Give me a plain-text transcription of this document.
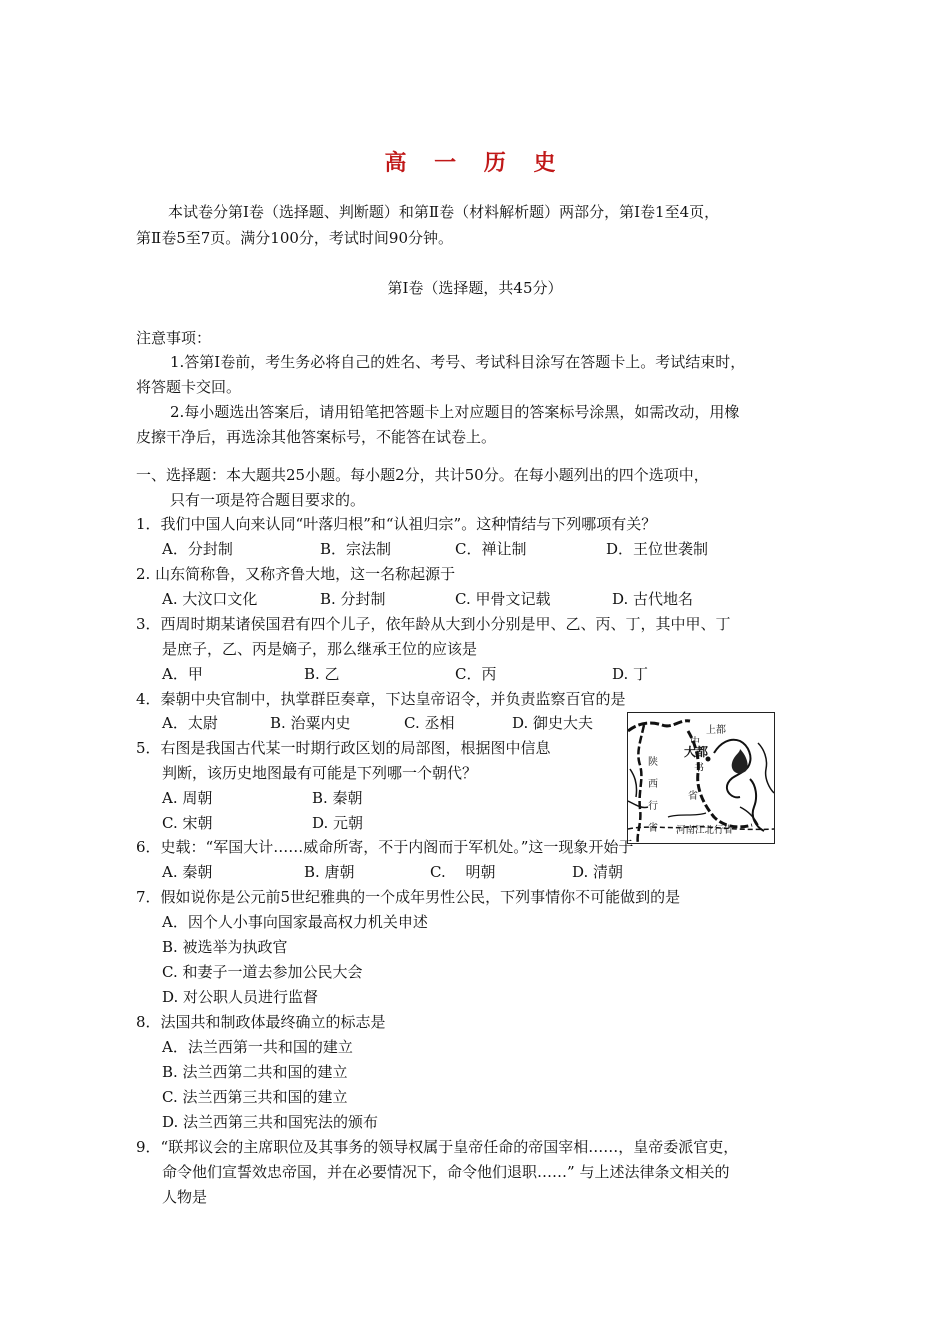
高 一 历 史
本试卷分第Ⅰ卷（选择题、判断题）和第Ⅱ卷（材料解析题）两部分，第Ⅰ卷1至4页，
第Ⅱ卷5至7页。满分100分，考试时间90分钟。
第Ⅰ卷（选择题，共45分）
注意事项：
1.答第Ⅰ卷前，考生务必将自己的姓名、考号、考试科目涂写在答题卡上。考试结束时，
将答题卡交回。
2.每小题选出答案后，请用铅笔把答题卡上对应题目的答案标号涂黑，如需改动，用橡
皮擦干净后，再选涂其他答案标号，不能答在试卷上。
一、选择题：本大题共25小题。每小题2分，共计50分。在每小题列出的四个选项中，
只有一项是符合题目要求的。
1．我们中国人向来认同“叶落归根”和“认祖归宗”。这种情结与下列哪项有关？
A．分封制	B．宗法制	C．禅让制	D．王位世袭制
2. 山东简称鲁，又称齐鲁大地，这一名称起源于
A. 大汶口文化	B. 分封制	C. 甲骨文记载	D. 古代地名
3．西周时期某诸侯国君有四个儿子，依年龄从大到小分别是甲、乙、丙、丁，其中甲、丁
是庶子，乙、丙是嫡子，那么继承王位的应该是
A．甲	B. 乙	C．丙	D. 丁
4．秦朝中央官制中，执掌群臣奏章，下达皇帝诏令，并负责监察百官的是
A．太尉	B. 治粟内史	C. 丞相	D. 御史大夫	上都
大都
中
书
省
陕
西
行
省 河南江北行省
5．右图是我国古代某一时期行政区划的局部图，根据图中信息
判断，该历史地图最有可能是下列哪一个朝代？
A. 周朝	B. 秦朝
C. 宋朝	D. 元朝
6．史载：“军国大计……威命所寄，不于内阁而于军机处。”这一现象开始于
A. 秦朝	B. 唐朝	C.　 明朝	D. 清朝
7．假如说你是公元前5世纪雅典的一个成年男性公民，下列事情你不可能做到的是
A．因个人小事向国家最高权力机关申述
B. 被选举为执政官
C. 和妻子一道去参加公民大会
D. 对公职人员进行监督
8．法国共和制政体最终确立的标志是
A．法兰西第一共和国的建立
B. 法兰西第二共和国的建立
C. 法兰西第三共和国的建立
D. 法兰西第三共和国宪法的颁布
9．“联邦议会的主席职位及其事务的领导权属于皇帝任命的帝国宰相……，皇帝委派官吏，
命令他们宣誓效忠帝国，并在必要情况下，命令他们退职……” 与上述法律条文相关的
人物是
